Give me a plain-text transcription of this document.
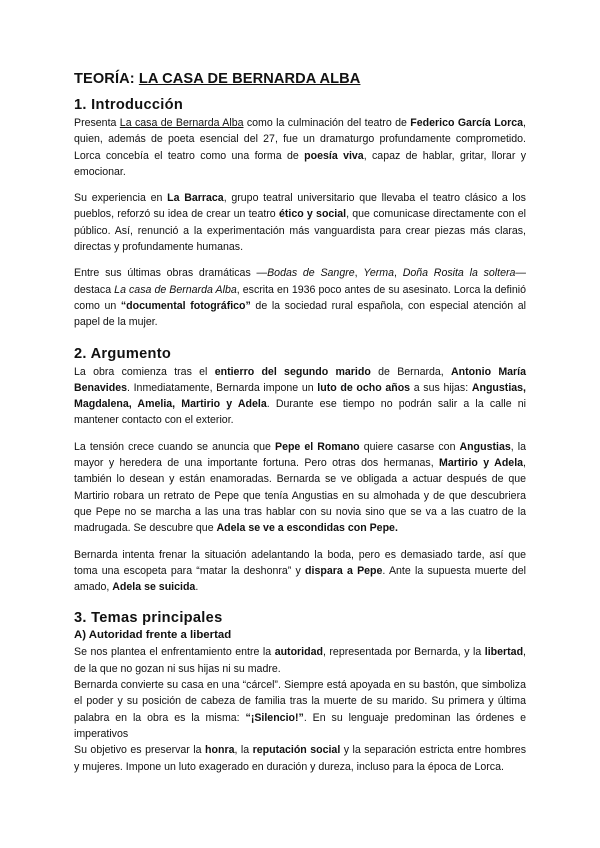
TEORÍA: LA CASA DE BERNARDA ALBA
1. Introducción

Presenta La casa de Bernarda Alba como la culminación del teatro de Federico García Lorca, quien, además de poeta esencial del 27, fue un dramaturgo profundamente comprometido. Lorca concebía el teatro como una forma de poesía viva, capaz de hablar, gritar, llorar y emocionar.

Su experiencia en La Barraca, grupo teatral universitario que llevaba el teatro clásico a los pueblos, reforzó su idea de crear un teatro ético y social, que comunicase directamente con el público. Así, renunció a la experimentación más vanguardista para crear piezas más claras, directas y profundamente humanas.

Entre sus últimas obras dramáticas —Bodas de Sangre, Yerma, Doña Rosita la soltera— destaca La casa de Bernarda Alba, escrita en 1936 poco antes de su asesinato. Lorca la definió como un “documental fotográfico” de la sociedad rural española, con especial atención al papel de la mujer.

2. Argumento

La obra comienza tras el entierro del segundo marido de Bernarda, Antonio María Benavides. Inmediatamente, Bernarda impone un luto de ocho años a sus hijas: Angustias, Magdalena, Amelia, Martirio y Adela. Durante ese tiempo no podrán salir a la calle ni mantener contacto con el exterior.

La tensión crece cuando se anuncia que Pepe el Romano quiere casarse con Angustias, la mayor y heredera de una importante fortuna. Pero otras dos hermanas, Martirio y Adela, también lo desean y están enamoradas. Bernarda se ve obligada a actuar después de que Martirio robara un retrato de Pepe que tenía Angustias en su almohada y de que descubriera que Pepe no se marcha a las una tras hablar con su novia sino que se va a las cuatro de la madrugada. Se descubre que Adela se ve a escondidas con Pepe.

Bernarda intenta frenar la situación adelantando la boda, pero es demasiado tarde, así que toma una escopeta para “matar la deshonra” y dispara a Pepe. Ante la supuesta muerte del amado, Adela se suicida.

3. Temas principales
A) Autoridad frente a libertad

Se nos plantea el enfrentamiento entre la autoridad, representada por Bernarda, y la libertad, de la que no gozan ni sus hijas ni su madre.

Bernarda convierte su casa en una “cárcel”. Siempre está apoyada en su bastón, que simboliza el poder y su posición de cabeza de familia tras la muerte de su marido. Su primera y última palabra en la obra es la misma: “¡Silencio!”. En su lenguaje predominan las órdenes e imperativos

Su objetivo es preservar la honra, la reputación social y la separación estricta entre hombres y mujeres. Impone un luto exagerado en duración y dureza, incluso para la época de Lorca.
